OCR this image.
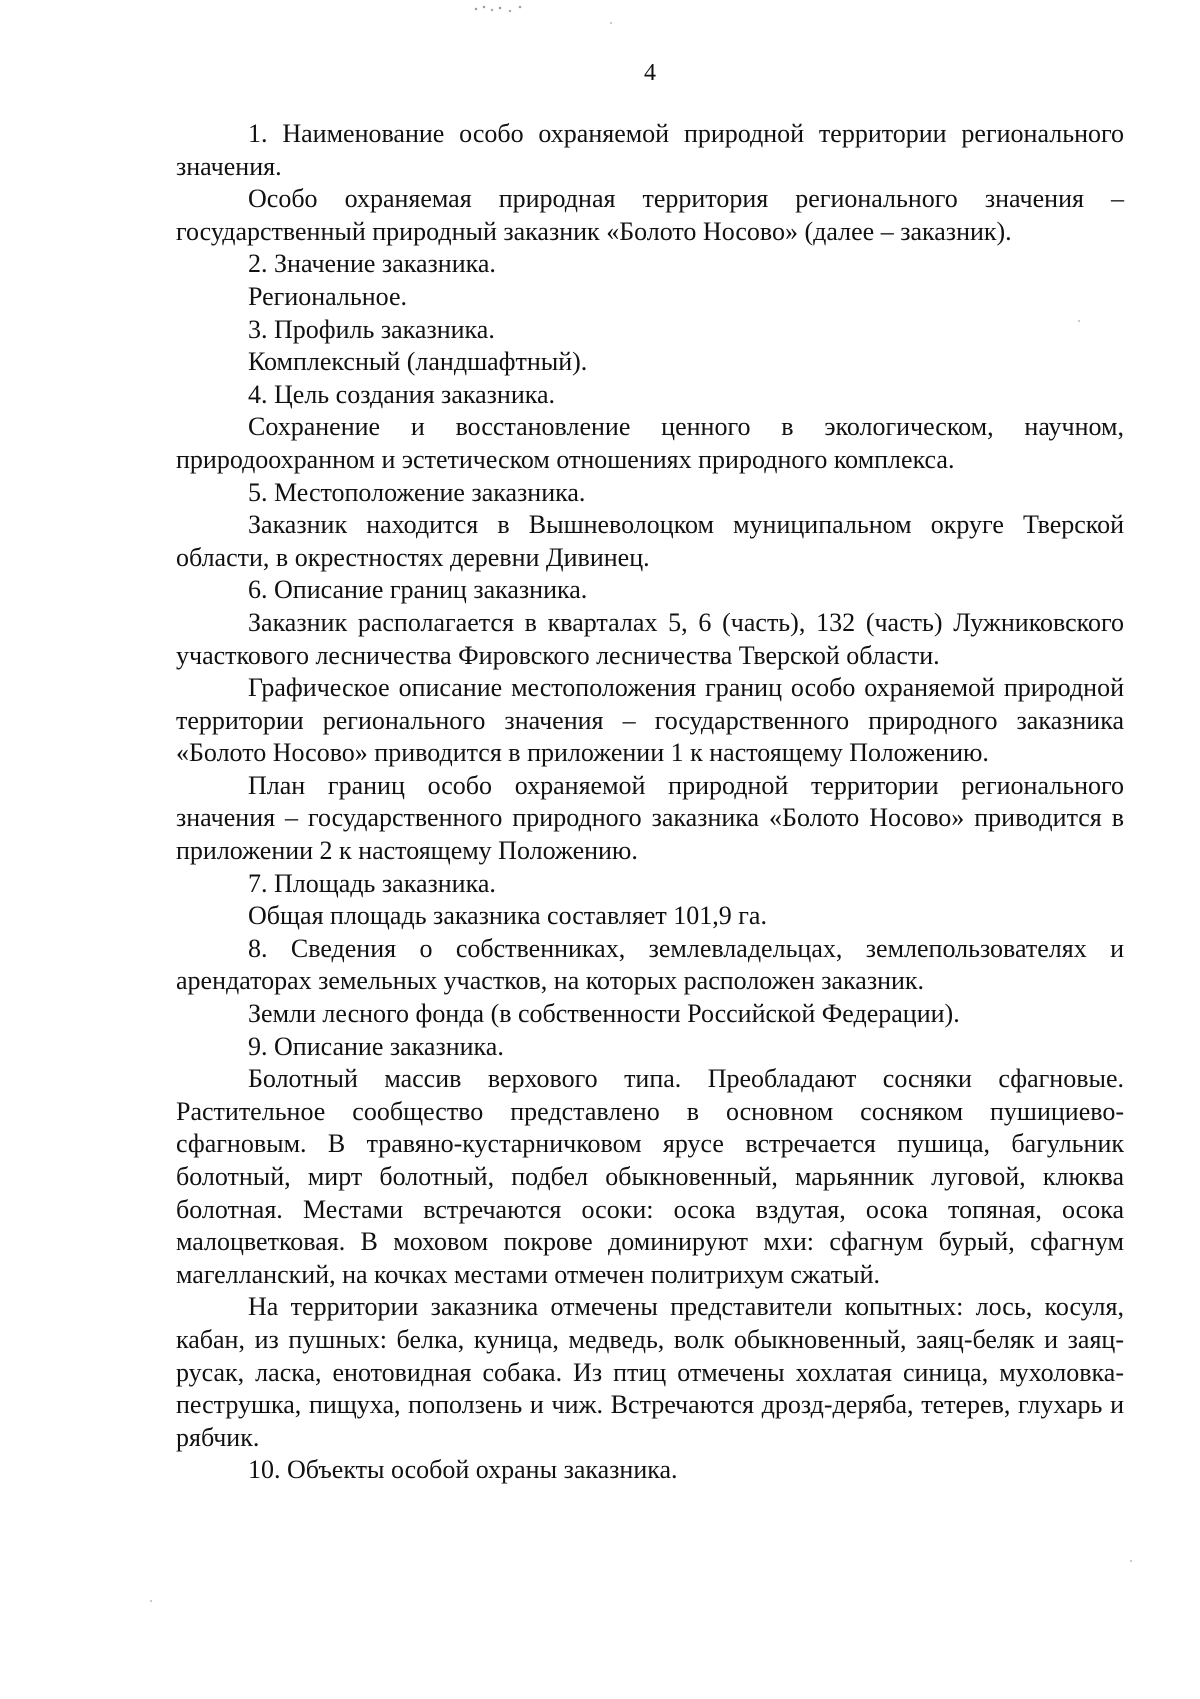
4

1. Наименование особо охраняемой природной территории регионального значения.

Особо охраняемая природная территория регионального значения – государственный природный заказник «Болото Носово» (далее – заказник).

2. Значение заказника.

Региональное.

3. Профиль заказника.

Комплексный (ландшафтный).

4. Цель создания заказника.

Сохранение и восстановление ценного в экологическом, научном, природоохранном и эстетическом отношениях природного комплекса.

5. Местоположение заказника.

Заказник находится в Вышневолоцком муниципальном округе Тверской области, в окрестностях деревни Дивинец.

6. Описание границ заказника.

Заказник располагается в кварталах 5, 6 (часть), 132 (часть) Лужниковского участкового лесничества Фировского лесничества Тверской области.

Графическое описание местоположения границ особо охраняемой природной территории регионального значения – государственного природного заказника «Болото Носово» приводится в приложении 1 к настоящему Положению.

План границ особо охраняемой природной территории регионального значения – государственного природного заказника «Болото Носово» приводится в приложении 2 к настоящему Положению.

7. Площадь заказника.

Общая площадь заказника составляет 101,9 га.

8. Сведения о собственниках, землевладельцах, землепользователях и арендаторах земельных участков, на которых расположен заказник.

Земли лесного фонда (в собственности Российской Федерации).

9. Описание заказника.

Болотный массив верхового типа. Преобладают сосняки сфагновые. Растительное сообщество представлено в основном сосняком пушициево-сфагновым. В травяно-кустарничковом ярусе встречается пушица, багульник болотный, мирт болотный, подбел обыкновенный, марьянник луговой, клюква болотная. Местами встречаются осоки: осока вздутая, осока топяная, осока малоцветковая. В моховом покрове доминируют мхи: сфагнум бурый, сфагнум магелланский, на кочках местами отмечен политрихум сжатый.

На территории заказника отмечены представители копытных: лось, косуля, кабан, из пушных: белка, куница, медведь, волк обыкновенный, заяц-беляк и заяц-русак, ласка, енотовидная собака. Из птиц отмечены хохлатая синица, мухоловка-пеструшка, пищуха, поползень и чиж. Встречаются дрозд-деряба, тетерев, глухарь и рябчик.

10. Объекты особой охраны заказника.
